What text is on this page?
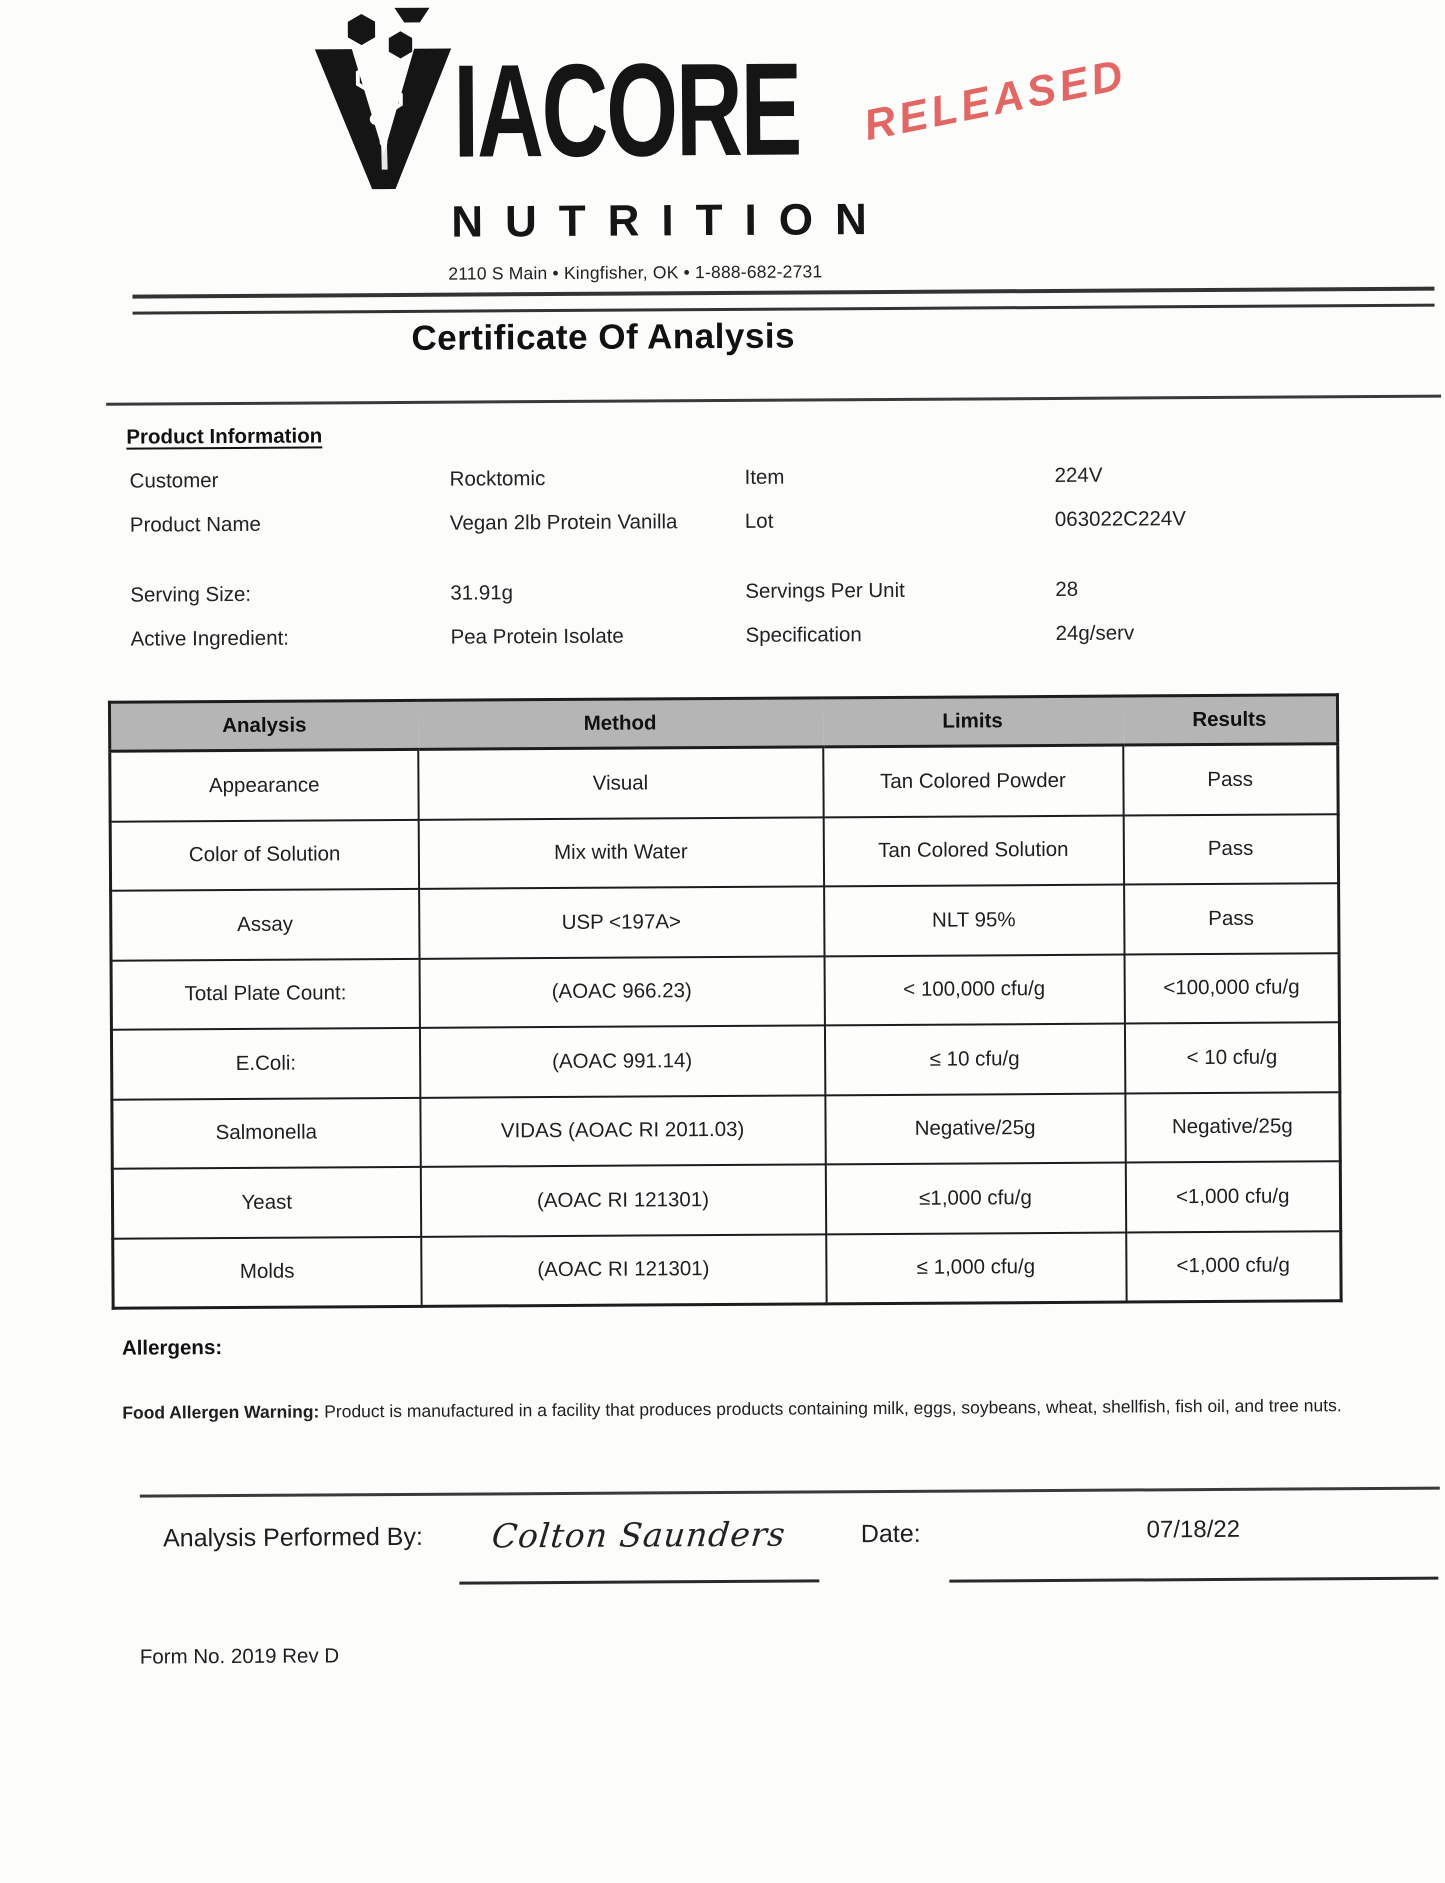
IACORE
NUTRITION
2110 S Main • Kingfisher, OK • 1-888-682-2731
RELEASED
Certificate Of Analysis
Product Information
Customer	Rocktomic	Item	224V
Product Name	Vegan 2lb Protein Vanilla	Lot	063022C224V
Serving Size:	31.91g	Servings Per Unit	28
Active Ingredient:	Pea Protein Isolate	Specification	24g/serv
Analysis	Method	Limits	Results
Appearance	Visual	Tan Colored Powder	Pass
Color of Solution	Mix with Water	Tan Colored Solution	Pass
Assay	USP <197A>	NLT 95%	Pass
Total Plate Count:	(AOAC 966.23)	< 100,000 cfu/g	<100,000 cfu/g
E.Coli:	(AOAC 991.14)	≤ 10 cfu/g	< 10 cfu/g
Salmonella	VIDAS (AOAC RI 2011.03)	Negative/25g	Negative/25g
Yeast	(AOAC RI 121301)	≤1,000 cfu/g	<1,000 cfu/g
Molds	(AOAC RI 121301)	≤ 1,000 cfu/g	<1,000 cfu/g
Allergens:
Food Allergen Warning: Product is manufactured in a facility that produces products containing milk, eggs, soybeans, wheat, shellfish, fish oil, and tree nuts.
Analysis Performed By:	Colton Saunders	Date:	07/18/22
Form No. 2019 Rev D
